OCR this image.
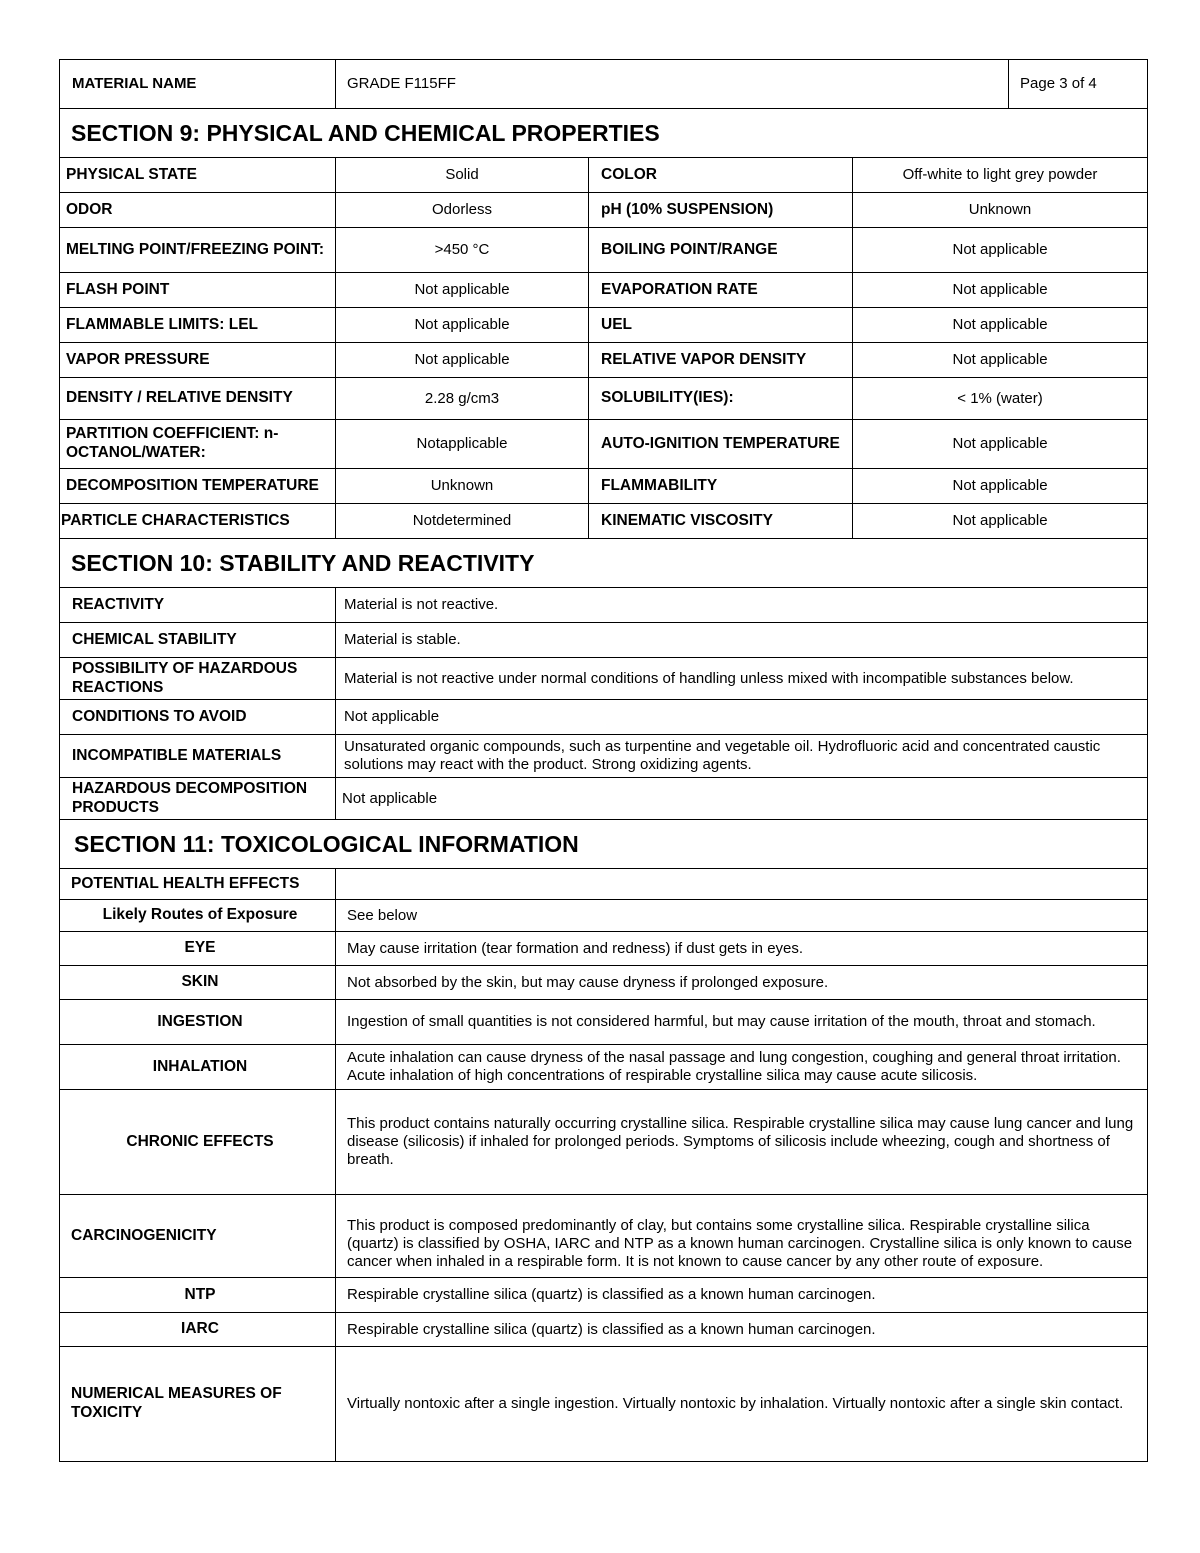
MATERIAL NAME	GRADE F115FF			Page 3 of 4
SECTION 9: PHYSICAL AND CHEMICAL PROPERTIES				
PHYSICAL STATE	Solid	COLOR	Off-white to light grey powder	
ODOR	Odorless	pH (10% SUSPENSION)	Unknown	
MELTING POINT/FREEZING POINT:	>450 °C	BOILING POINT/RANGE	Not applicable	
FLASH POINT	Not applicable	EVAPORATION RATE	Not applicable	
FLAMMABLE LIMITS: LEL	Not applicable	UEL	Not applicable	
VAPOR PRESSURE	Not applicable	RELATIVE VAPOR DENSITY	Not applicable	
DENSITY / RELATIVE DENSITY	2.28 g/cm3	SOLUBILITY(IES):	< 1% (water)	
PARTITION COEFFICIENT: n-OCTANOL/WATER:	Notapplicable	AUTO-IGNITION TEMPERATURE	Not applicable	
DECOMPOSITION TEMPERATURE	Unknown	FLAMMABILITY	Not applicable	
PARTICLE CHARACTERISTICS	Notdetermined	KINEMATIC VISCOSITY	Not applicable	
SECTION 10: STABILITY AND REACTIVITY	
REACTIVITY	Material is not reactive.
CHEMICAL STABILITY	Material is stable.
POSSIBILITY OF HAZARDOUS REACTIONS	Material is not reactive under normal conditions of handling unless mixed with incompatible substances below.
CONDITIONS TO AVOID	Not applicable
INCOMPATIBLE MATERIALS	Unsaturated organic compounds, such as turpentine and vegetable oil. Hydrofluoric acid and concentrated caustic solutions may react with the product. Strong oxidizing agents.
HAZARDOUS DECOMPOSITION PRODUCTS	Not applicable
SECTION 11: TOXICOLOGICAL INFORMATION	
POTENTIAL HEALTH EFFECTS	
Likely Routes of Exposure	See below
EYE	May cause irritation (tear formation and redness) if dust gets in eyes.
SKIN	Not absorbed by the skin, but may cause dryness if prolonged exposure.
INGESTION	Ingestion of small quantities is not considered harmful, but may cause irritation of the mouth, throat and stomach.
INHALATION	Acute inhalation can cause dryness of the nasal passage and lung congestion, coughing and general throat irritation. Acute inhalation of high concentrations of respirable crystalline silica may cause acute silicosis.
CHRONIC EFFECTS	This product contains naturally occurring crystalline silica. Respirable crystalline silica may cause lung cancer and lung disease (silicosis) if inhaled for prolonged periods. Symptoms of silicosis include wheezing, cough and shortness of breath.
CARCINOGENICITY	This product is composed predominantly of clay, but contains some crystalline silica. Respirable crystalline silica (quartz) is classified by OSHA, IARC and NTP as a known human carcinogen. Crystalline silica is only known to cause cancer when inhaled in a respirable form. It is not known to cause cancer by any other route of exposure.
NTP	Respirable crystalline silica (quartz) is classified as a known human carcinogen.
IARC	Respirable crystalline silica (quartz) is classified as a known human carcinogen.
NUMERICAL MEASURES OF TOXICITY	Virtually nontoxic after a single ingestion. Virtually nontoxic by inhalation. Virtually nontoxic after a single skin contact.
